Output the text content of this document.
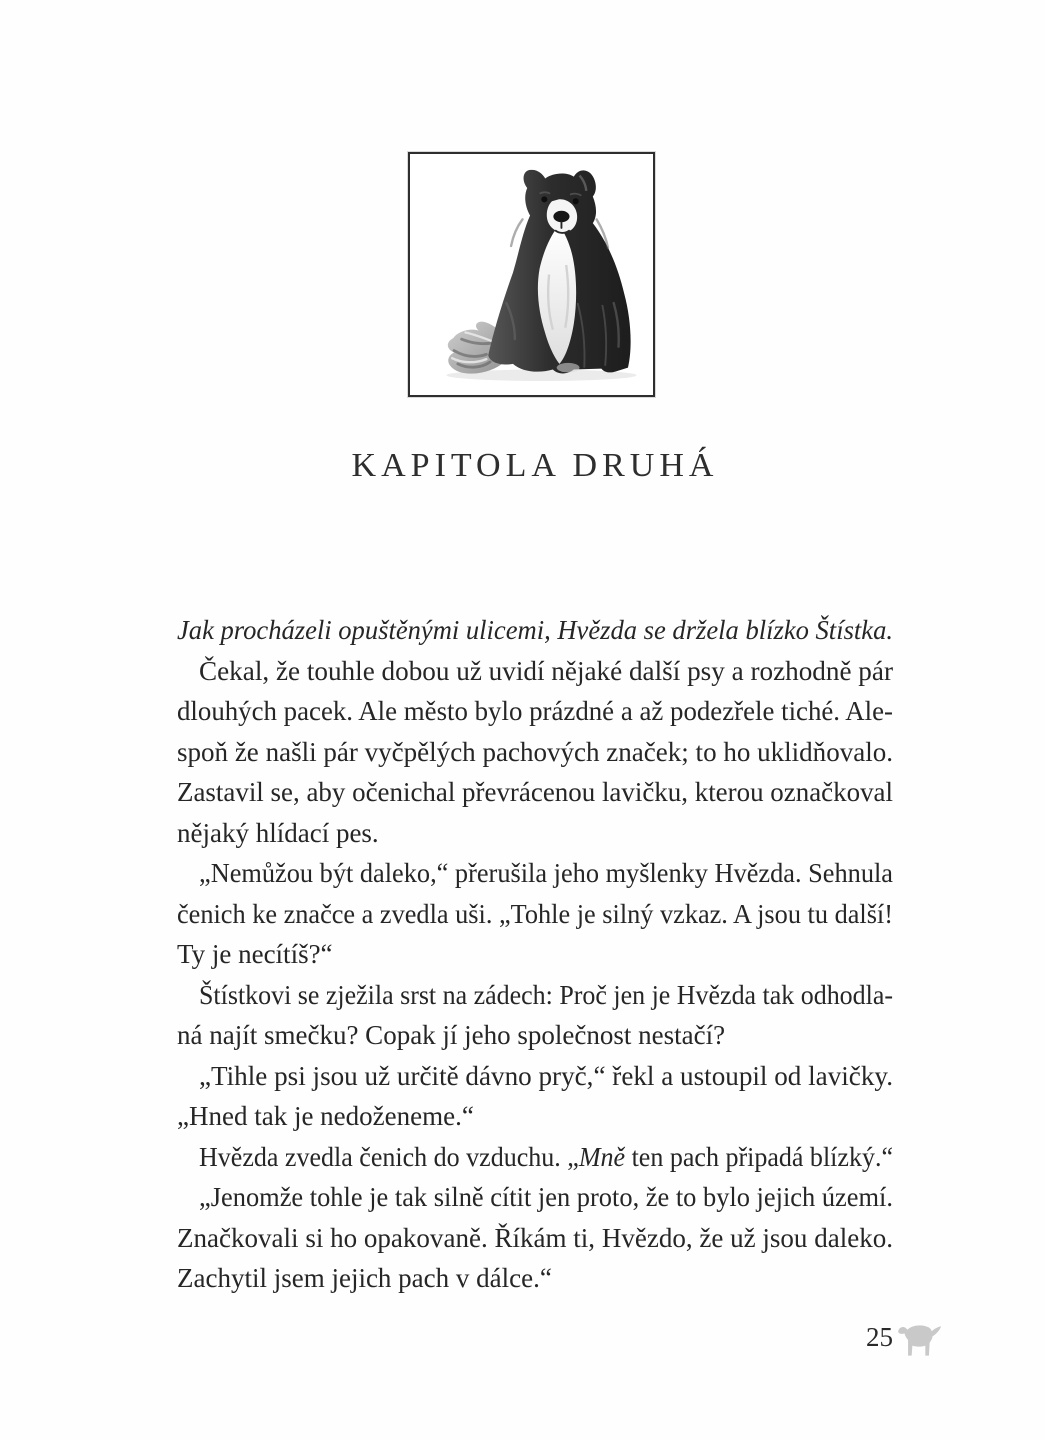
KAPITOLA DRUHÁ
Jak procházeli opuštěnými ulicemi, Hvězda se držela blízko Štístka.
Čekal, že touhle dobou už uvidí nějaké další psy a rozhodně pár
dlouhých pacek. Ale město bylo prázdné a až podezřele tiché. Ale-
spoň že našli pár vyčpělých pachových značek; to ho uklidňovalo.
Zastavil se, aby očenichal převrácenou lavičku, kterou označkoval
nějaký hlídací pes.
„Nemůžou být daleko,“ přerušila jeho myšlenky Hvězda. Sehnula
čenich ke značce a zvedla uši. „Tohle je silný vzkaz. A jsou tu další!
Ty je necítíš?“
Štístkovi se zježila srst na zádech: Proč jen je Hvězda tak odhodla-
ná najít smečku? Copak jí jeho společnost nestačí?
„Tihle psi jsou už určitě dávno pryč,“ řekl a ustoupil od lavičky.
„Hned tak je nedoženeme.“
Hvězda zvedla čenich do vzduchu. „Mně ten pach připadá blízký.“
„Jenomže tohle je tak silně cítit jen proto, že to bylo jejich území.
Značkovali si ho opakovaně. Říkám ti, Hvězdo, že už jsou daleko.
Zachytil jsem jejich pach v dálce.“
25
